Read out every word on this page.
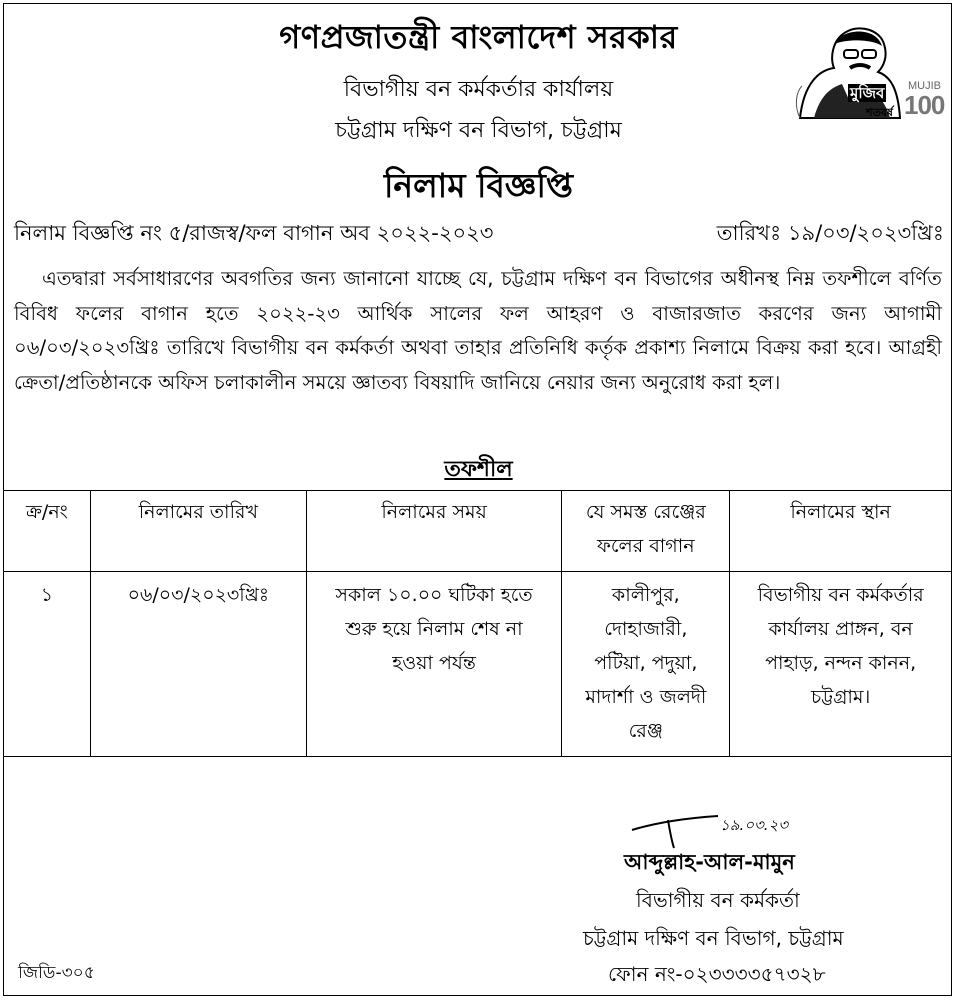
গণপ্রজাতন্ত্রী বাংলাদেশ সরকার
বিভাগীয় বন কর্মকর্তার কার্যালয়
চট্টগ্রাম দক্ষিণ বন বিভাগ, চট্টগ্রাম
মুজিব MUJIB
100
শতবর্ষ
নিলাম বিজ্ঞপ্তি
নিলাম বিজ্ঞপ্তি নং ৫/রাজস্ব/ফল বাগান অব ২০২২-২০২৩	তারিখঃ ১৯/০৩/২০২৩খ্রিঃ
এতদ্বারা সর্বসাধারণের অবগতির জন্য জানানো যাচ্ছে যে, চট্টগ্রাম দক্ষিণ বন বিভাগের অধীনস্থ নিম্ন তফশীলে বর্ণিত বিবিধ ফলের বাগান হতে ২০২২-২৩ আর্থিক সালের ফল আহরণ ও বাজারজাত করণের জন্য আগামী ০৬/০৩/২০২৩খ্রিঃ তারিখে বিভাগীয় বন কর্মকর্তা অথবা তাহার প্রতিনিধি কর্তৃক প্রকাশ্য নিলামে বিক্রয় করা হবে। আগ্রহী ক্রেতা/প্রতিষ্ঠানকে অফিস চলাকালীন সময়ে জ্ঞাতব্য বিষয়াদি জানিয়ে নেয়ার জন্য অনুরোধ করা হল।
তফশীল
ক্র/নং	নিলামের তারিখ	নিলামের সময়	যে সমস্ত রেঞ্জের ফলের বাগান	নিলামের স্থান
১	০৬/০৩/২০২৩খ্রিঃ	সকাল ১০.০০ ঘটিকা হতে শুরু হয়ে নিলাম শেষ না হওয়া পর্যন্ত	কালীপুর, দোহাজারী, পটিয়া, পদুয়া, মাদার্শা ও জলদী রেঞ্জ	বিভাগীয় বন কর্মকর্তার কার্যালয় প্রাঙ্গন, বন পাহাড়, নন্দন কানন, চট্টগ্রাম।
১৯.০৩.২৩
আব্দুল্লাহ-আল-মামুন
বিভাগীয় বন কর্মকর্তা
চট্টগ্রাম দক্ষিণ বন বিভাগ, চট্টগ্রাম
ফোন নং-০২৩৩৩৩৫৭৩২৮
জিডি-৩০৫
